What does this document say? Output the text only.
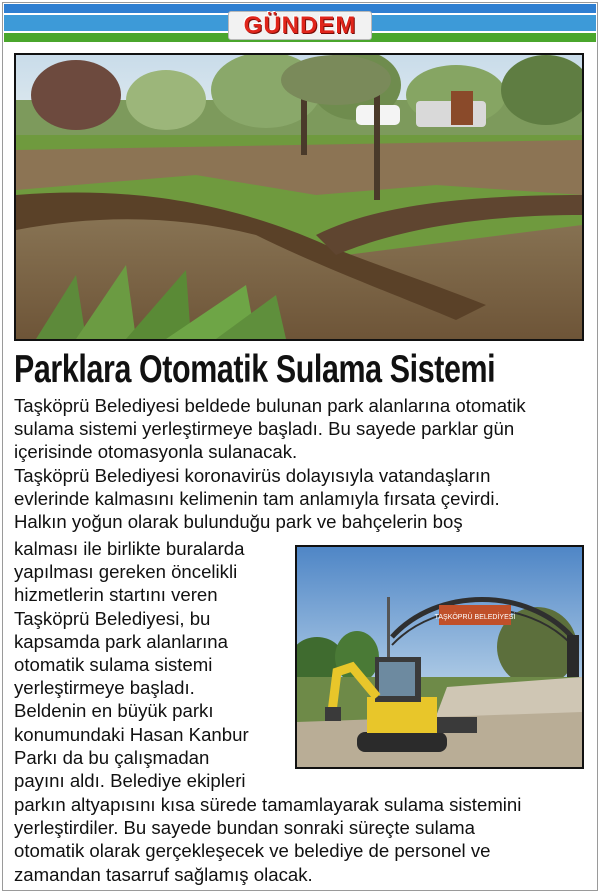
GÜNDEM
Parklara Otomatik Sulama Sistemi
Taşköprü Belediyesi beldede bulunan park alanlarına otomatik
sulama sistemi yerleştirmeye başladı. Bu sayede parklar gün
içerisinde otomasyonla sulanacak.
Taşköprü Belediyesi koronavirüs dolayısıyla vatandaşların
evlerinde kalmasını kelimenin tam anlamıyla fırsata çevirdi.
Halkın yoğun olarak bulunduğu park ve bahçelerin boş
kalması ile birlikte buralarda
yapılması gereken öncelikli
hizmetlerin startını veren
Taşköprü Belediyesi, bu
kapsamda park alanlarına
otomatik sulama sistemi
yerleştirmeye başladı.
Beldenin en büyük parkı
konumundaki Hasan Kanbur
Parkı da bu çalışmadan
payını aldı. Belediye ekipleri
TAŞKÖPRÜ BELEDİYESİ
parkın altyapısını kısa sürede tamamlayarak sulama sistemini
yerleştirdiler. Bu sayede bundan sonraki süreçte sulama
otomatik olarak gerçekleşecek ve belediye de personel ve
zamandan tasarruf sağlamış olacak.
